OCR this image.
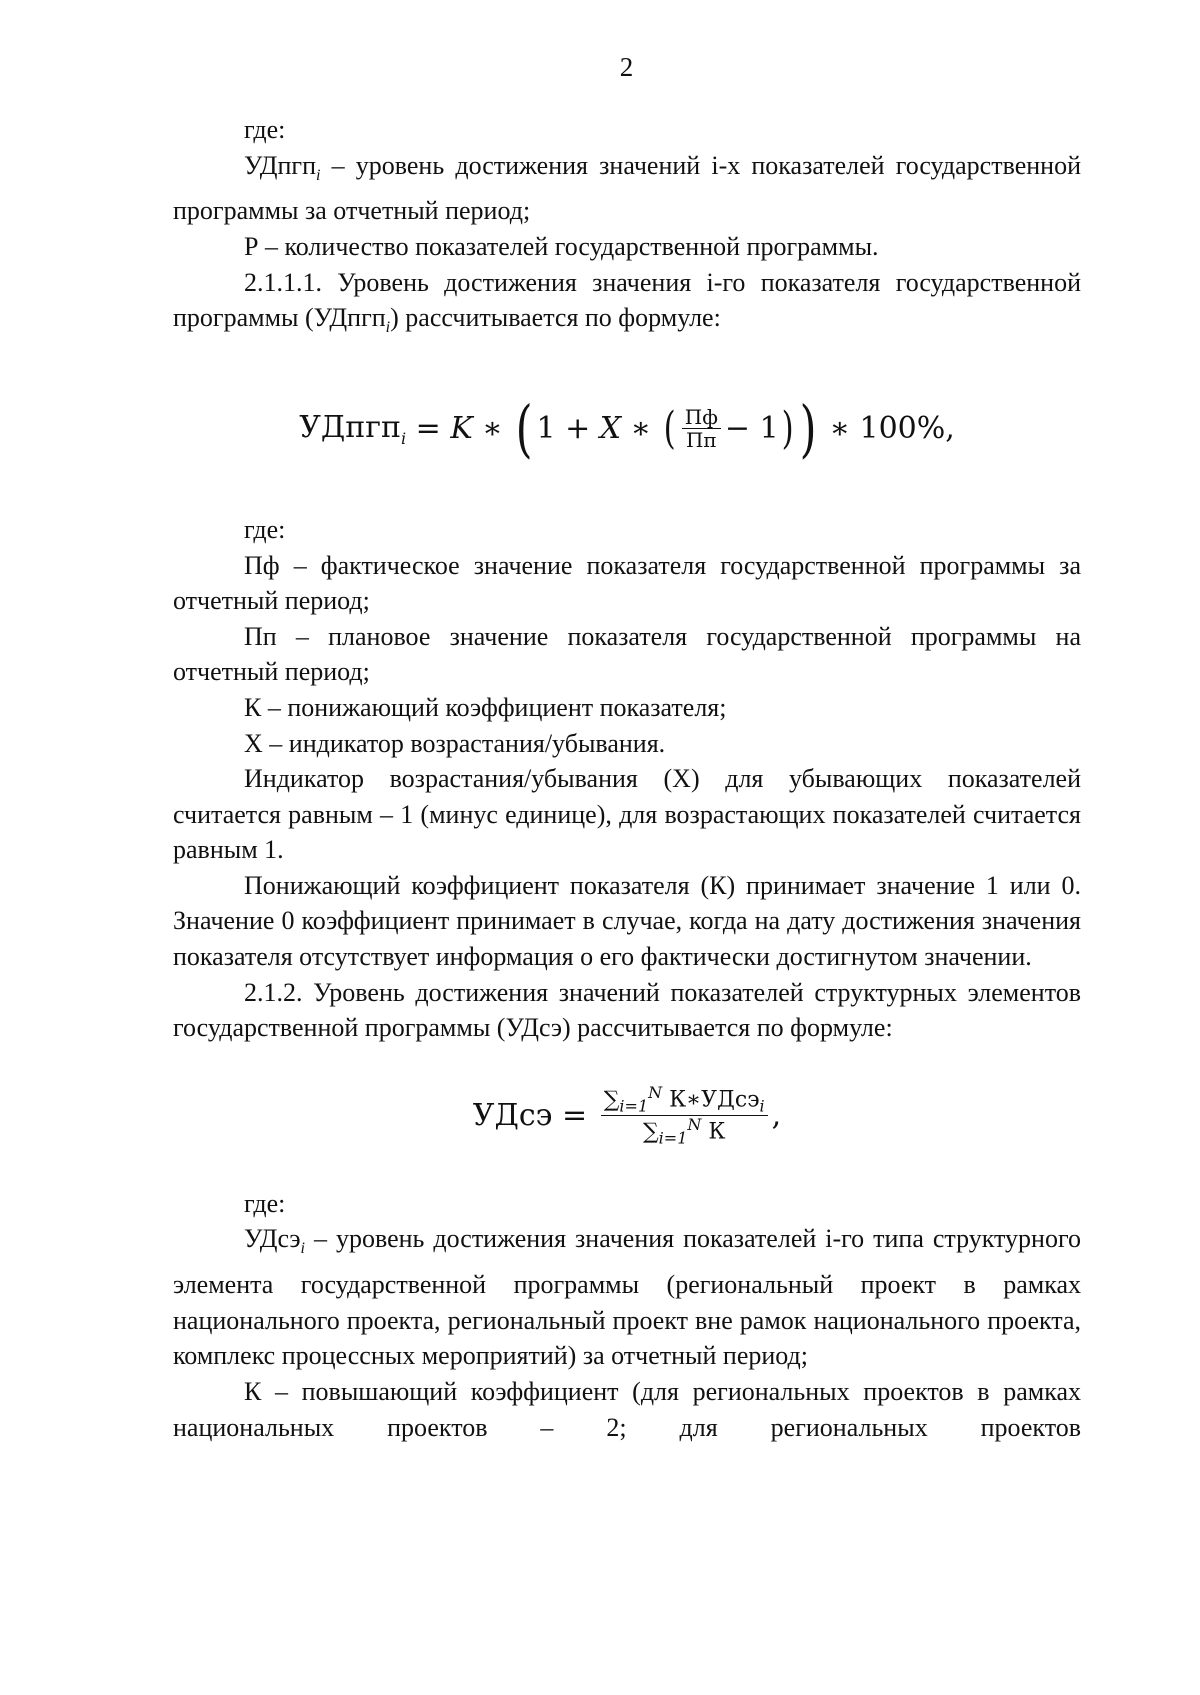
2

где:

УДпгп$_i$ – уровень достижения значений i-х показателей государственной программы за отчетный период;

Р – количество показателей государственной программы.

2.1.1.1. Уровень достижения значения i-го показателя государственной программы (УДпгп$_i$) рассчитывается по формуле:

УДпгп$_i$
=
K
∗
( 1
+
X
∗
( $\frac{Пф}{Пп} - 1$ ) )
∗ 100%,

где:

Пф – фактическое значение показателя государственной программы за отчетный период;

Пп – плановое значение показателя государственной программы на отчетный период;

К – понижающий коэффициент показателя;

Х – индикатор возрастания/убывания.

Индикатор возрастания/убывания (Х) для убывающих показателей считается равным – 1 (минус единице), для возрастающих показателей считается равным 1.

Понижающий коэффициент показателя (К) принимает значение 1 или 0. Значение 0 коэффициент принимает в случае, когда на дату достижения значения показателя отсутствует информация о его фактически достигнутом значении.

2.1.2. Уровень достижения значений показателей структурных элементов государственной программы (УДсэ) рассчитывается по формуле:

УДсэ
=
$\frac{\sum_{i=1}^N К∗УДсэ_i}{\sum_{i=1}^N К}$ ,

где:

УДсэ$_i$ – уровень достижения значения показателей i-го типа структурного элемента государственной программы (региональный проект в рамках национального проекта, региональный проект вне рамок национального проекта, комплекс процессных мероприятий) за отчетный период;

К – повышающий коэффициент (для региональных проектов в рамках национальных проектов – 2; для региональных проектов
